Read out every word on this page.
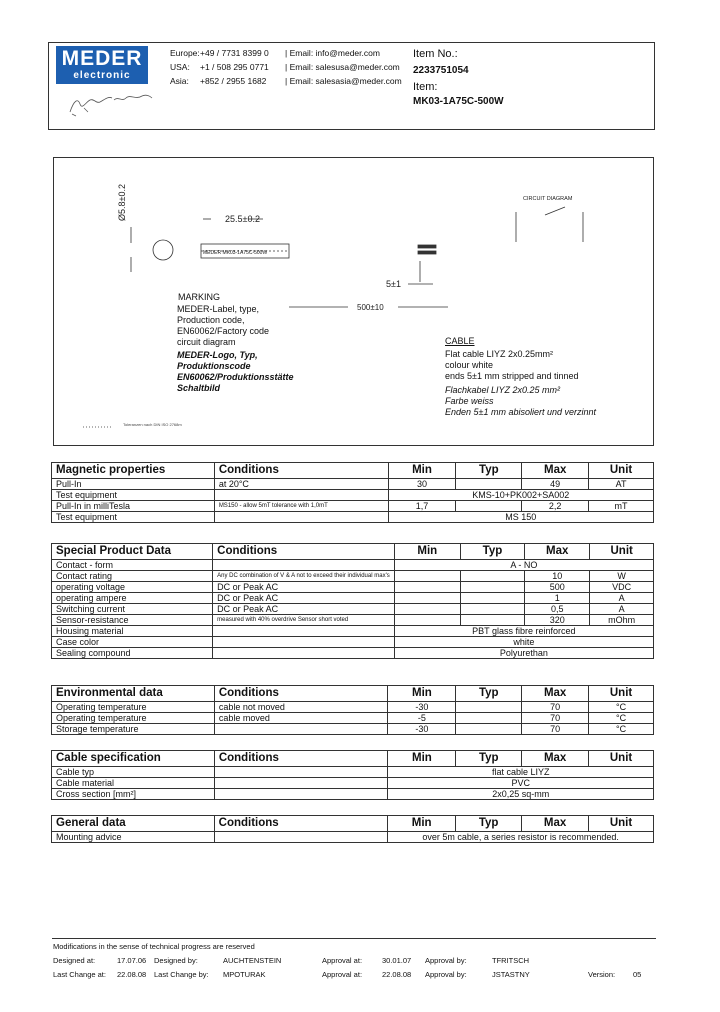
MEDER
electronic
Europe:
USA:
Asia:
+49 / 7731 8399 0
+1 / 508 295 0771
+852 / 2955 1682
| Email: info@meder.com
| Email: salesusa@meder.com
| Email: salesasia@meder.com
Item No.:
2233751054
Item:
MK03-1A75C-500W
Ø5.8±0.2	25.5±0.2
MEDER MK03-1A75C-500W
CIRCUIT DIAGRAM
5±1
500±10
Toleranzen nach DIN ISO 2768m
MARKING
MEDER-Label, type,
Production code,
EN60062/Factory code
circuit diagram
MEDER-Logo, Typ,
Produktionscode
EN60062/Produktionsstätte
Schaltbild
CABLE
Flat cable LIYZ 2x0.25mm²
colour white
ends 5±1 mm stripped and tinned
Flachkabel LIYZ 2x0.25 mm²
Farbe weiss
Enden 5±1 mm abisoliert und verzinnt
Magnetic properties	Conditions	Min	Typ	Max	Unit
Pull-In	at 20°C	30		49	AT
Test equipment		KMS-10+PK002+SA002			
Pull-In in milliTesla	MS150 - allow 5mT tolerance with 1,0mT	1,7		2,2	mT
Test equipment		MS 150			
Special Product Data	Conditions	Min	Typ	Max	Unit
Contact - form		A - NO			
Contact rating	Any DC combination of V & A not to exceed their individual max's			10	W
operating voltage	DC or Peak AC			500	VDC
operating ampere	DC or Peak AC			1	A
Switching current	DC or Peak AC			0,5	A
Sensor-resistance	measured with 40% overdrive Sensor short voted			320	mOhm
Housing material		PBT glass fibre reinforced			
Case color		white			
Sealing compound		Polyurethan			
Environmental data	Conditions	Min	Typ	Max	Unit
Operating temperature	cable not moved	-30		70	°C
Operating temperature	cable moved	-5		70	°C
Storage temperature		-30		70	°C
Cable specification	Conditions	Min	Typ	Max	Unit
Cable typ		flat cable LIYZ			
Cable material		PVC			
Cross section [mm²]		2x0,25 sq-mm			
General data	Conditions	Min	Typ	Max	Unit
Mounting advice		over 5m cable, a series resistor is recommended.			
Modifications in the sense of technical progress are reserved
Designed at:	17.07.06 Designed by:	AUCHTENSTEIN	Approval at:	30.01.07 Approval by:	TFRITSCH
Last Change at: 22.08.08 Last Change by: MPOTURAK	Approval at:	22.08.08 Approval by:	JSTASTNY	Version: 05
